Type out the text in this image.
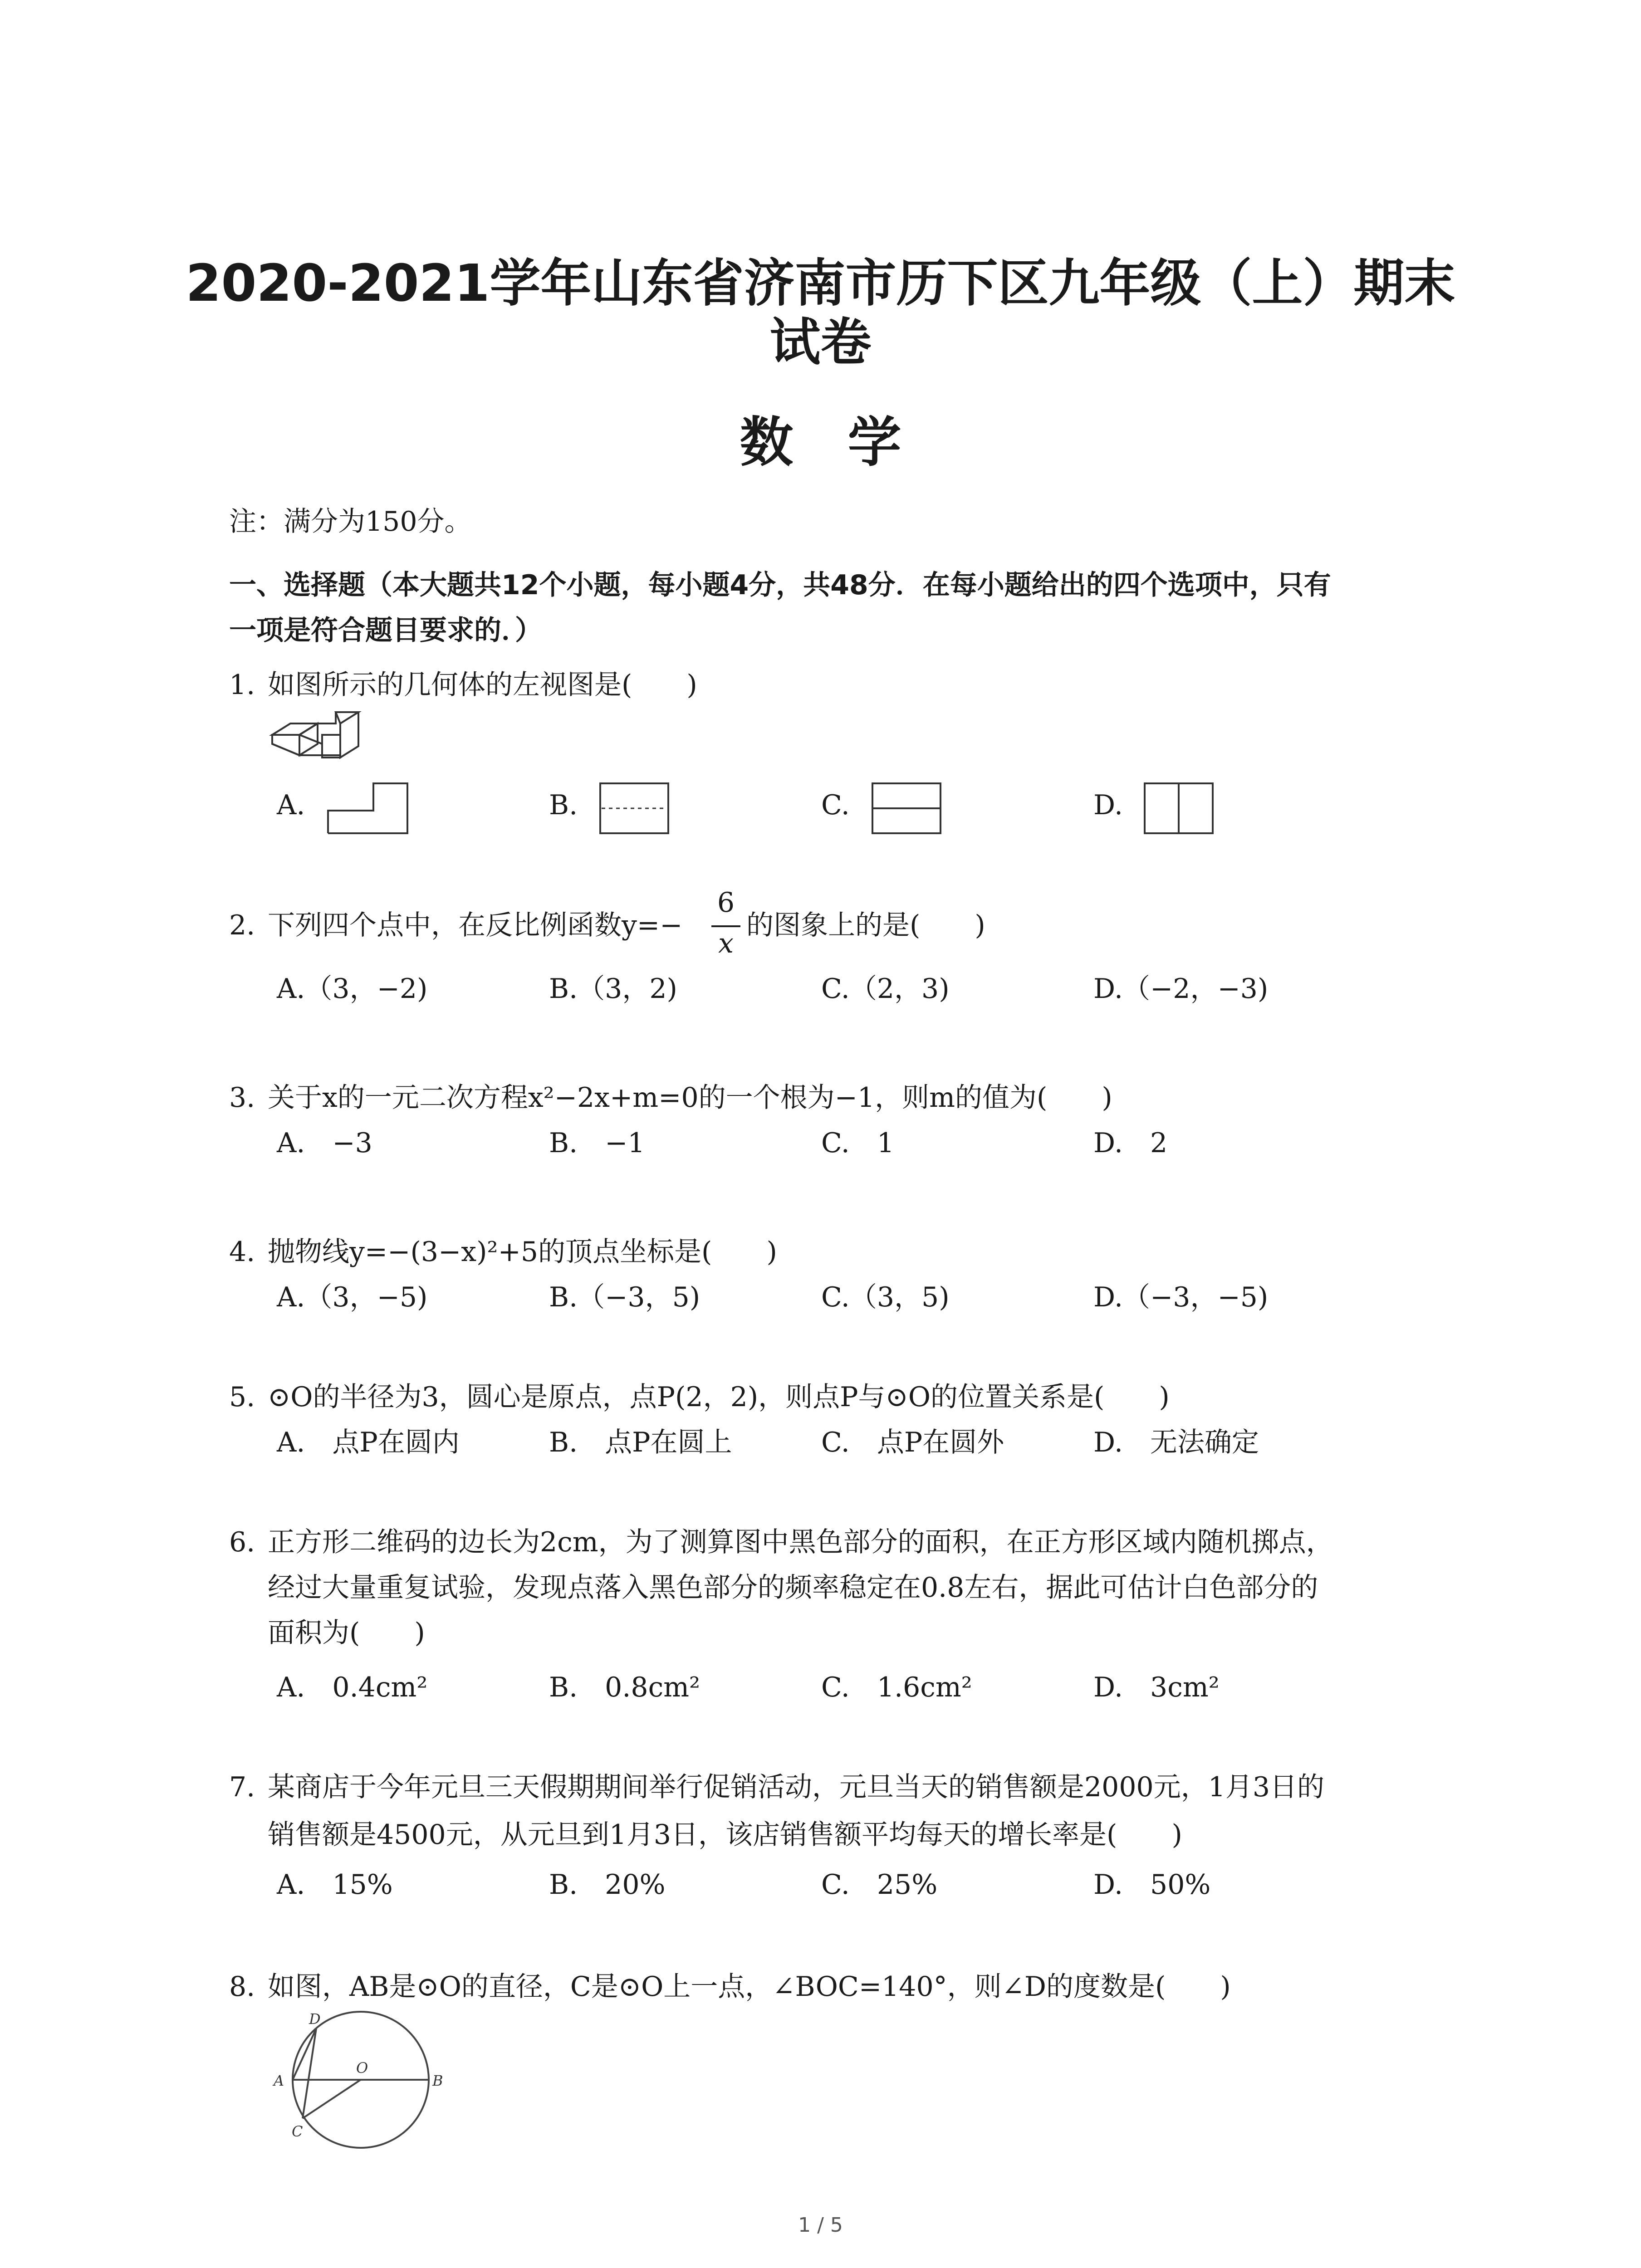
2020-2021学年山东省济南市历下区九年级（上）期末
试卷
数学
注：满分为150分。
一、选择题（本大题共12个小题，每小题4分，共48分．在每小题给出的四个选项中，只有
一项是符合题目要求的．）
1. 如图所示的几何体的左视图是(　　)
A.	B.	C.	D.
2. 下列四个点中，在反比例函数y=−
6
x
的图象上的是(　　)
A.（3，−2)	B.（3，2)	C.（2，3)	D.（−2，−3)
3. 关于x的一元二次方程x²−2x+m=0的一个根为−1，则m的值为(　　)
A.　−3	B.　−1	C.　1	D.　2
4. 抛物线y=−(3−x)²+5的顶点坐标是(　　)
A.（3，−5)	B.（−3，5)	C.（3，5)	D.（−3，−5)
5. ⊙O的半径为3，圆心是原点，点P(2，2)，则点P与⊙O的位置关系是(　　)
A.　点P在圆内	B.　点P在圆上	C.　点P在圆外	D.　无法确定
6. 正方形二维码的边长为2cm，为了测算图中黑色部分的面积，在正方形区域内随机掷点，
经过大量重复试验，发现点落入黑色部分的频率稳定在0.8左右，据此可估计白色部分的
面积为(　　)
A.　0.4cm²	B.　0.8cm²	C.　1.6cm²	D.　3cm²
7. 某商店于今年元旦三天假期期间举行促销活动，元旦当天的销售额是2000元，1月3日的
销售额是4500元，从元旦到1月3日，该店销售额平均每天的增长率是(　　)
A.　15%	B.　20%	C.　25%	D.　50%
8. 如图，AB是⊙O的直径，C是⊙O上一点，∠BOC=140°，则∠D的度数是(　　)
D
A
O
B
C
1 / 5
